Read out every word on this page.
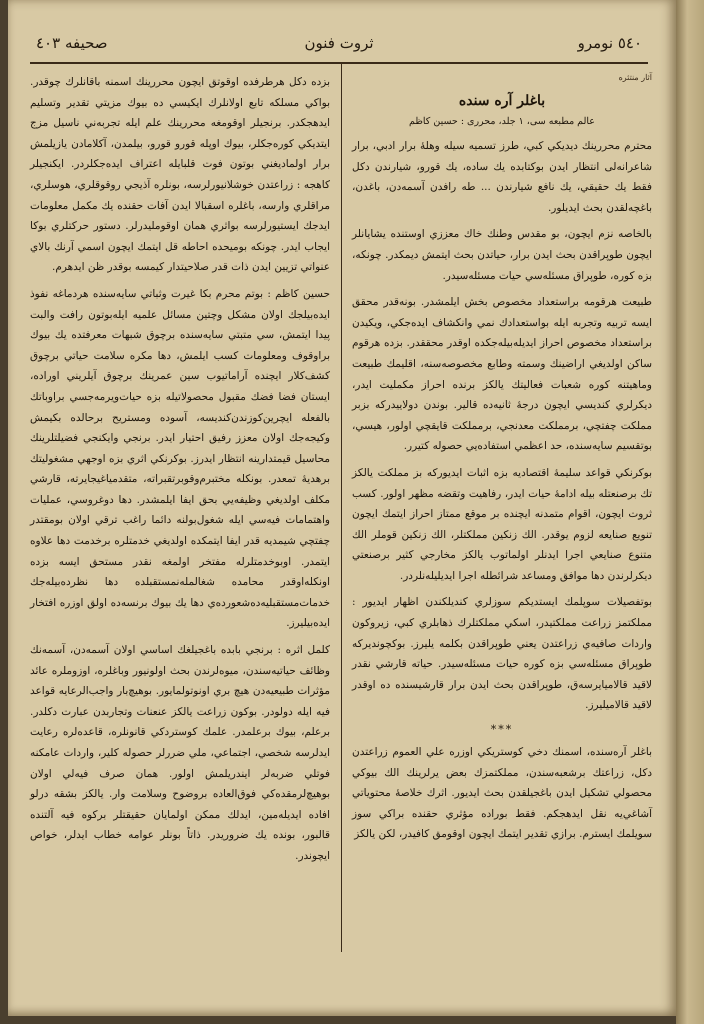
٥٤٠ نومرو
ثروت فنون
صحيفه ٤٠٣
آثار منتثره
باغلر آره سنده
عالم مطبعه سی، ١ جلد، محرری : حسين كاظم

محترم محررينك ديديكي كبي، طرز تسميه سيله وهلهٔ برار ادبي، برار شاعرانه‌لی انتظار ايدن بوكتابده يك ساده، يك قورو، شيارندن دكل فقط يك حقيقي، يك نافع شيارندن ... طه رافدن آسمه‌دن، باغدن، باغچه‌لقدن بحث ايديلور.

بالخاصه نزم ايچون، بو مقدس وطنك خاك معززي اوستنده يشايانلر ايچون طوپراقدن بحث ايدن برار، حياتدن بحث ايتمش ديمكدر. چونكه، بزه كوره، طوپراق مسئله‌سي حيات مسئله‌سيدر.

طبيعت هرقومه براستعداد مخصوص بخش ايلمشدر. بونه‌قدر محقق ايسه تربيه وتجربه ايله بواستعدادك نمي وانكشاف ايده‌جكي، ويكيدن براستعداد مخصوص احراز ايديله‌بيله‌جكده اوقدر محققدر. بزده هرقوم ساكن اولديغي اراضينك وسمته وطابع مخصوصه‌سنه، اقليمك طبيعت وماهيتنه كوره شعبات فعاليتك يالكز برنده احراز مكمليت ايدر، ديكرلري كنديسي ايچون درجهٔ ثانيه‌ده قالير. بوندن دولاييدركه بزبر مملكت چفتچي، برمملكت معدنجي، برمملكت قايقچي اولور، هيسي، بوتقسيم سايه‌سنده، حد اعظمي استفاده‌يي حصوله كتيرر.

بوكرنكي قواعد سليمهٔ اقتصاديه بزه اثبات ايديوركه بز مملكت يالكز تك برصنعتله بيله ادامهٔ حيات ايدر، رفاهيت وتقضه مظهر اولور. كسب ثروت ايچون، اقوام متمدنه ايچنده بر موقع ممتاز احراز ايتمك ايچون تنويع صنايعه لزوم يوقدر. الك زنكين مملكتلر، الك زنكين قوملر الك متنوع صنايعي اجرا ايدنلر اولماتوب يالكز مخارجي كثير برصنعتي ديكرلرندن دها موافق ومساعد شرائطله اجرا ايديليله‌نلردر.

بوتفصيلات سوپلمك ايستديكم سوزلري كنديلكندن اظهار ايديور : مملكتمز زراعت مملكتيدر، اسكي مملكتلرك ذهابلري كبي، زيروكون واردات صافيه‌ي زراعتدن يعني طوپراقدن بكلمه يليرز. بوكچونديركه طوپراق مسئله‌سي بزه كوره حيات مسئله‌سيدر. حياته قارشي نقدر لاقيد قالاميايرسه‌ق، طوپراقدن بحث ايدن برار قارشيسنده ده اوقدر لاقيد قالاميليرز.

***

باغلر آره‌سنده، اسمنك دخي كوستريكي اوزره علي العموم زراعتدن دكل، زراعتك برشعبه‌سندن، مملكتمزك بعض يرلرينك الك بيوكي محصولي تشكيل ايدن باغجيلقدن بحث ايديور. اثرك خلاصهٔ محتوياتي آشاغي‌يه نقل ايدهجكم. فقط بوراده مؤثري حقنده براكي سوز سويلمك ايسترم. برازي تقدير ايتمك ايچون اوقومق كافيدر، لكن يالكز

بزده دكل هرطرفده اوقوتق ايچون محررينك اسمنه باقانلرك چوقدر. بواكي مسلكه تابع اولانلرك ايكيسي ده بيوك مزيتي تقدير وتسليم ايدهجكدر. برنجيلر اوقومغه محررينك علم ايله تجربه‌ني ناسيل مزج ايتديكي كوره‌جكلر، بيوك اوپله قورو قورو، بيلمدن، آكلامادن يازيلمش برار اولماديغني بوتون فوت قلبايله اعتراف ايده‌جكلردر. ايكنجيلر كاهجه : زراعتدن خوشلانيورلرسه، بونلره آذيجي روقوقلري، هوسلري، مراقلري وارسه، باغلره اسقبالا ايدن آفات حقنده يك مكمل معلومات ايدجك ايستيورلرسه بواثري همان اوقومليدرلر. دستور حركتلري بوكا ايجاب ايدر. چونكه بوميحده احاطه قل ايتمك ايچون اسمي آرنك بالاي عنواتي تزيين ايدن ذات قدر صلاحيتدار كيمسه بوقدر ظن ايدهرم.

حسين كاظم : بوتم محرم بكا غيرت وثباتي سايه‌سنده هردماغه نفوذ ايده‌بيلجك اولان مشكل وچتين مسائل علميه ايله‌بوتون رافت والبت پيدا ايتمش، سي متبتي سايه‌سنده برچوق شبهات معرفتده يك بيوك براوقوف ومعلومات كسب ايلمش، دها مكره سلامت حياتي برچوق كشف‌كلار ايچنده آراماتيوب سين عمرينك برچوق آيلريني اوراده، ايستان فضا فضك مقبول محصولاتيله بزه حيات‌ويرمه‌جسي براوباتك بالفعله ايچرين‌كوزندن‌كنديسه، آسوده ومستريح برحالده بكيمش وكيجه‌جك اولان معزز رفيق احتيار ايدر. برنجي وايكنجي فضيلتلرينك محاسيل قيمتدارينه انتظار ايدرز. بوكرنكي اثري بزه اوجهي مشغوليتك برهديهٔ تمعدر. بونكله مختبرم‌وقوبرتقبراته، متقدمياغيجايرته، قارشي مكلف اولديغي وظيفه‌يي بحق ايفا ايلمشدر. دها دوغروسي، عمليات واهتمامات فيه‌سي ايله شغول‌بولنه دائما راغب ترقي اولان بومقتدر چفتچي شيمديه قدر ايفا ايتمكده اولديغي خدمتلره برخدمت دها علاوه ايتمدر. اوبوخدمتلرله مفتخر اولمغه نقدر مستحق ايسه بزده اونكله‌اوقدر محامده شغالمله‌نمستقبلده دها نظرده‌بيله‌جك خدمات‌مستقبليه‌ده‌شعورده‌ي دها يك بيوك برنسه‌ده اولق اوزره افتخار ايده‌بيليرز.

كلمل اثره : برنجي بابده باغجيلغك اساسي اولان آسمه‌دن، آسمه‌نك وظائف حياتيه‌سندن، ميوه‌لرندن بحث اولونيور وباغلره، اوزوملره عائد مؤثرات طبيعيه‌دن هيچ بري اونوتولمايور. بوهيچ‌بار واجب‌الرعايه قواعد فيه ايله دولودر. بوكون زراعت يالكز عنعنات وتجاربدن عبارت دكلدر. برعلم، بيوك برعلمدر. علمك كوستردكي قانونلره، قاعده‌لره رعايت ايدلرسه شخصي، اجتماعي، ملي ضررلر حصوله كلير، واردات عامكنه فوتلي ضربه‌لر ايندريلمش اولور. همان صرف فيه‌لي اولان بوهيچ‌لرمقده‌كي فوق‌العاده بروضوح وسلامت وار. يالكز بشقه درلو افاده ايديله‌مين، ايدلك ممكن اولمايان حقيقتلر بركوه فيه آلتنده قالبور، بونده يك ضروريدر. ذاتاً بونلر عوامه خطاب ايدلر، خواص ايچوندر.
